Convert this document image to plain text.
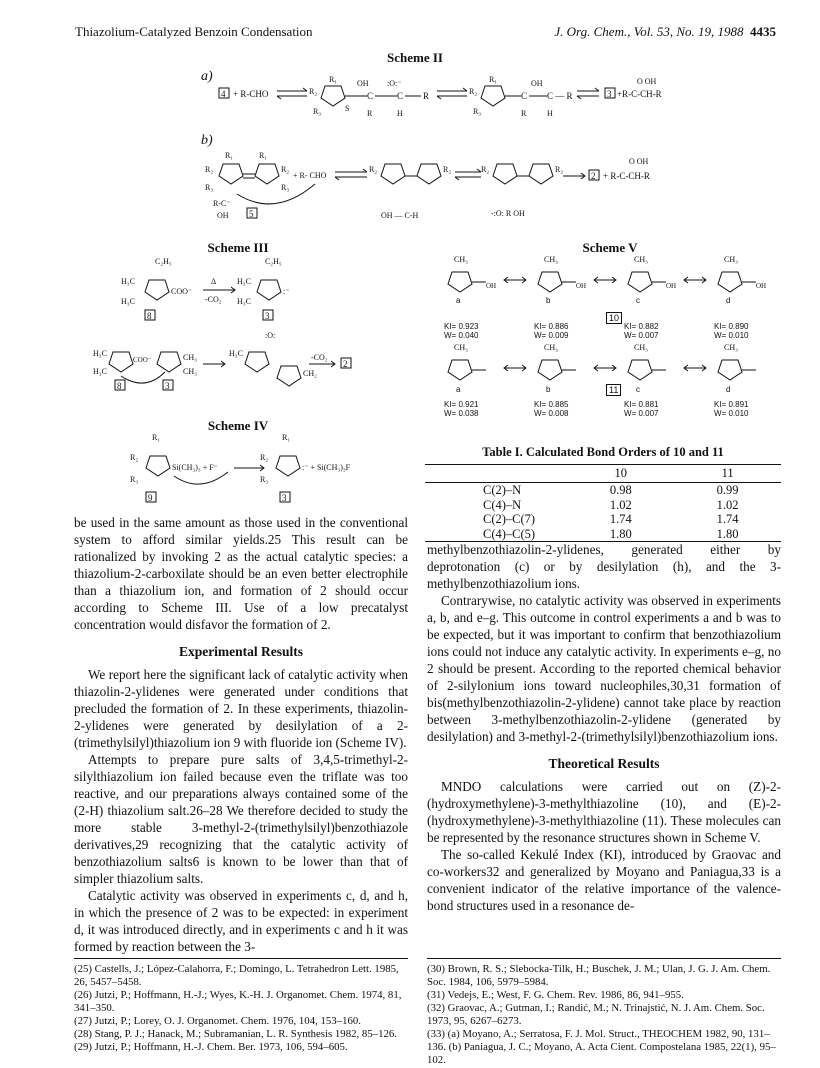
Thiazolium-Catalyzed Benzoin Condensation	J. Org. Chem., Vol. 53, No. 19, 1988 4435
Scheme II
a)
4 + R-CHO
R₁
R₂
R₃	S
OH :O:⁻
C	C R
R	H
R₁
R₂
R₃
C C — R
OH
R	H
3 +R-C-CH-R
O OH
b)
R₁	R₁
R₂	R₂
R₃	R₃
+ R- CHO
R-C⁻
OH 5
R₂	R₂
OH — C-H
R₂	R₂
-:O: R OH
2 + R-C-CH-R
O OH
Scheme III
C₂H₅
H₃C
H₃C
COO⁻
Δ
-CO₂
C₂H₅
H₃C
H₃C
:⁻
8	3
H₃C
H₃C
COO⁻	CH₃
CH₃
8	3
H₃C
:O:
CH₂
-CO₂
2
Scheme IV
R₁
R₂
R₃
Si(CH₃)₃ + F⁻
R₁
R₂
R₃
:⁻ + Si(CH₃)₃F
9	3
Scheme V
CH₃
OH
CH₃
OH
CH₃
OH
CH₃
OH
CH₃	CH₃	CH₃	CH₃
a	b	c	d
10
KI= 0.923
W= 0.040
KI= 0.886
W= 0.009
KI= 0.882
W= 0.007
KI= 0.890
W= 0.010
a	b	c	d
11
KI= 0.921
W= 0.038
KI= 0.885
W= 0.008
KI= 0.881
W= 0.007
KI= 0.891
W= 0.010
Table I. Calculated Bond Orders of 10 and 11
	10	11
C(2)–N	0.98	0.99
C(4)–N	1.02	1.02
C(2)–C(7)	1.74	1.74
C(4)–C(5)	1.80	1.80

be used in the same amount as those used in the conventional system to afford similar yields.25 This result can be rationalized by invoking 2 as the actual catalytic species: a thiazolium-2-carboxilate should be an even better electrophile than a thiazolium ion, and formation of 2 should occur according to Scheme III. Use of a low precatalyst concentration would disfavor the formation of 2.

Experimental Results

We report here the significant lack of catalytic activity when thiazolin-2-ylidenes were generated under conditions that precluded the formation of 2. In these experiments, thiazolin-2-ylidenes were generated by desilylation of a 2-(trimethylsilyl)thiazolium ion 9 with fluoride ion (Scheme IV).

Attempts to prepare pure salts of 3,4,5-trimethyl-2-silylthiazolium ion failed because even the triflate was too reactive, and our preparations always contained some of the (2-H) thiazolium salt.26–28 We therefore decided to study the more stable 3-methyl-2-(trimethylsilyl)benzothiazole derivatives,29 recognizing that the catalytic activity of benzothiazolium salts6 is known to be lower than that of simpler thiazolium salts.

Catalytic activity was observed in experiments c, d, and h, in which the presence of 2 was to be expected: in experiment d, it was introduced directly, and in experiments c and h it was formed by reaction between the 3-

methylbenzothiazolin-2-ylidenes, generated either by deprotonation (c) or by desilylation (h), and the 3-methylbenzothiazolium ions.

Contrarywise, no catalytic activity was observed in experiments a, b, and e–g. This outcome in control experiments a and b was to be expected, but it was important to confirm that benzothiazolium ions could not induce any catalytic activity. In experiments e–g, no 2 should be present. According to the reported chemical behavior of 2-silylonium ions toward nucleophiles,30,31 formation of bis(methylbenzothiazolin-2-ylidene) cannot take place by reaction between 3-methylbenzothiazolin-2-ylidene (generated by desilylation) and 3-methyl-2-(trimethylsilyl)benzothiazolium ions.

Theoretical Results

MNDO calculations were carried out on (Z)-2-(hydroxymethylene)-3-methylthiazoline (10), and (E)-2-(hydroxymethylene)-3-methylthiazoline (11). These molecules can be represented by the resonance structures shown in Scheme V.

The so-called Kekulé Index (KI), introduced by Graovac and co-workers32 and generalized by Moyano and Paniagua,33 is a convenient indicator of the relative importance of the valence-bond structures used in a resonance de-

(25) Castells, J.; López-Calahorra, F.; Domingo, L. Tetrahedron Lett. 1985, 26, 5457–5458.

(26) Jutzi, P.; Hoffmann, H.-J.; Wyes, K.-H. J. Organomet. Chem. 1974, 81, 341–350.

(27) Jutzi, P.; Lorey, O. J. Organomet. Chem. 1976, 104, 153–160.

(28) Stang, P. J.; Hanack, M.; Subramanian, L. R. Synthesis 1982, 85–126.

(29) Jutzi, P.; Hoffmann, H.-J. Chem. Ber. 1973, 106, 594–605.

(30) Brown, R. S.; Slebocka-Tilk, H.; Buschek, J. M.; Ulan, J. G. J. Am. Chem. Soc. 1984, 106, 5979–5984.

(31) Vedejs, E.; West, F. G. Chem. Rev. 1986, 86, 941–955.

(32) Graovac, A.; Gutman, I.; Randić, M.; N. Trinajstić, N. J. Am. Chem. Soc. 1973, 95, 6267–6273.

(33) (a) Moyano, A.; Serratosa, F. J. Mol. Struct., THEOCHEM 1982, 90, 131–136. (b) Paniagua, J. C.; Moyano, A. Acta Cient. Compostelana 1985, 22(1), 95–102.
